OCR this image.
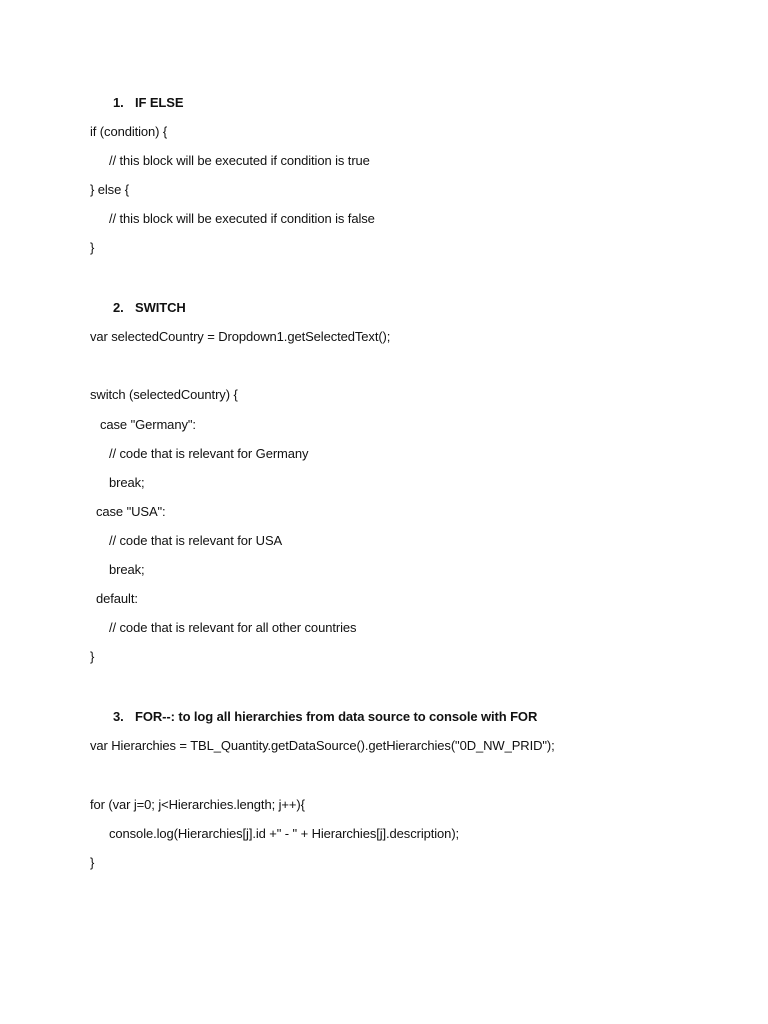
1. IF ELSE
if (condition) {
// this block will be executed if condition is true
} else {
// this block will be executed if condition is false
}
2. SWITCH
var selectedCountry = Dropdown1.getSelectedText();
switch (selectedCountry) {
case "Germany":
// code that is relevant for Germany
break;
case "USA":
// code that is relevant for USA
break;
default:
// code that is relevant for all other countries
}
3. FOR--: to log all hierarchies from data source to console with FOR
var Hierarchies = TBL_Quantity.getDataSource().getHierarchies("0D_NW_PRID");
for (var j=0; j<Hierarchies.length; j++){
console.log(Hierarchies[j].id +" - " + Hierarchies[j].description);
}
